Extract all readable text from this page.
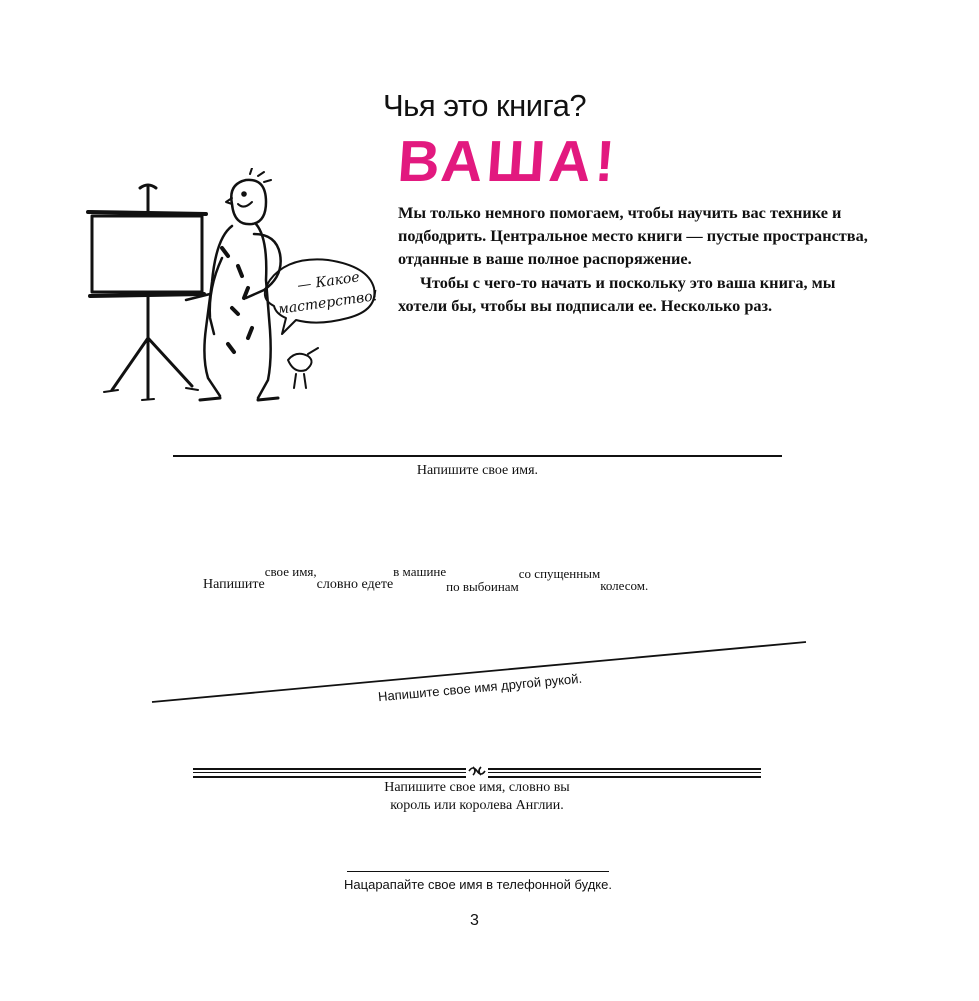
Чья это книга?
ВАША!

Мы только немного помогаем, чтобы научить вас технике и подбодрить. Центральное место книги — пустые пространства, отданные в ваше полное распоряжение.

Чтобы с чего-то начать и поскольку это ваша книга, мы хотели бы, чтобы вы подписали ее. Несколько раз.

— Какое
мастерство!
Напишите свое имя.
Напишитесвое имя,словно едетев машинепо выбоинамсо спущеннымколесом.
Напишите свое имя другой рукой.
Напишите свое имя, словно вы
король или королева Англии.
Нацарапайте свое имя в телефонной будке.
3
